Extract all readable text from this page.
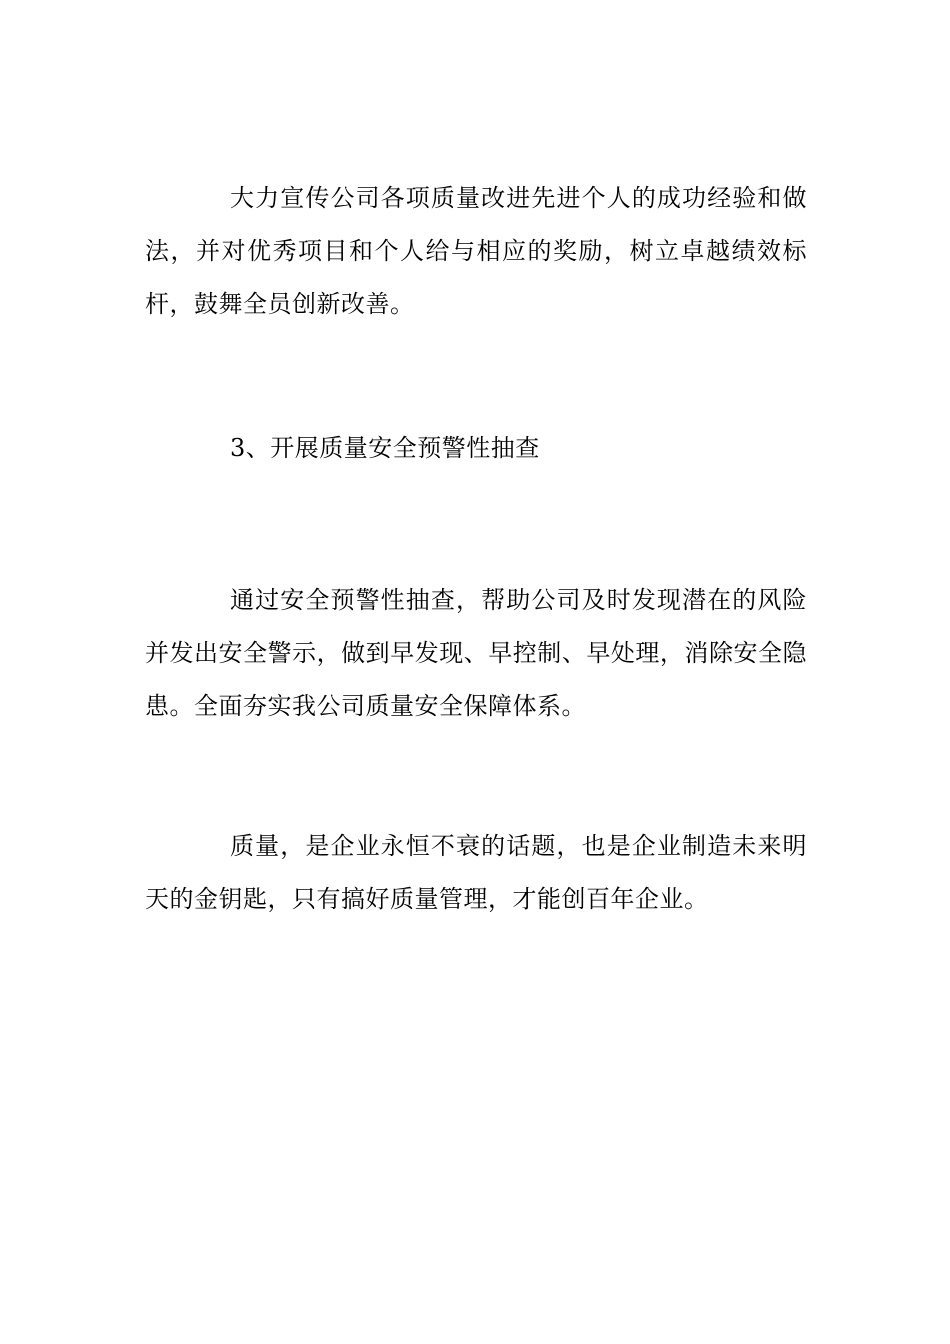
大力宣传公司各项质量改进先进个人的成功经验和做法，并对优秀项目和个人给与相应的奖励，树立卓越绩效标杆，鼓舞全员创新改善。

3、开展质量安全预警性抽查

通过安全预警性抽查，帮助公司及时发现潜在的风险并发出安全警示，做到早发现、早控制、早处理，消除安全隐患。全面夯实我公司质量安全保障体系。

质量，是企业永恒不衰的话题，也是企业制造未来明天的金钥匙，只有搞好质量管理，才能创百年企业。
